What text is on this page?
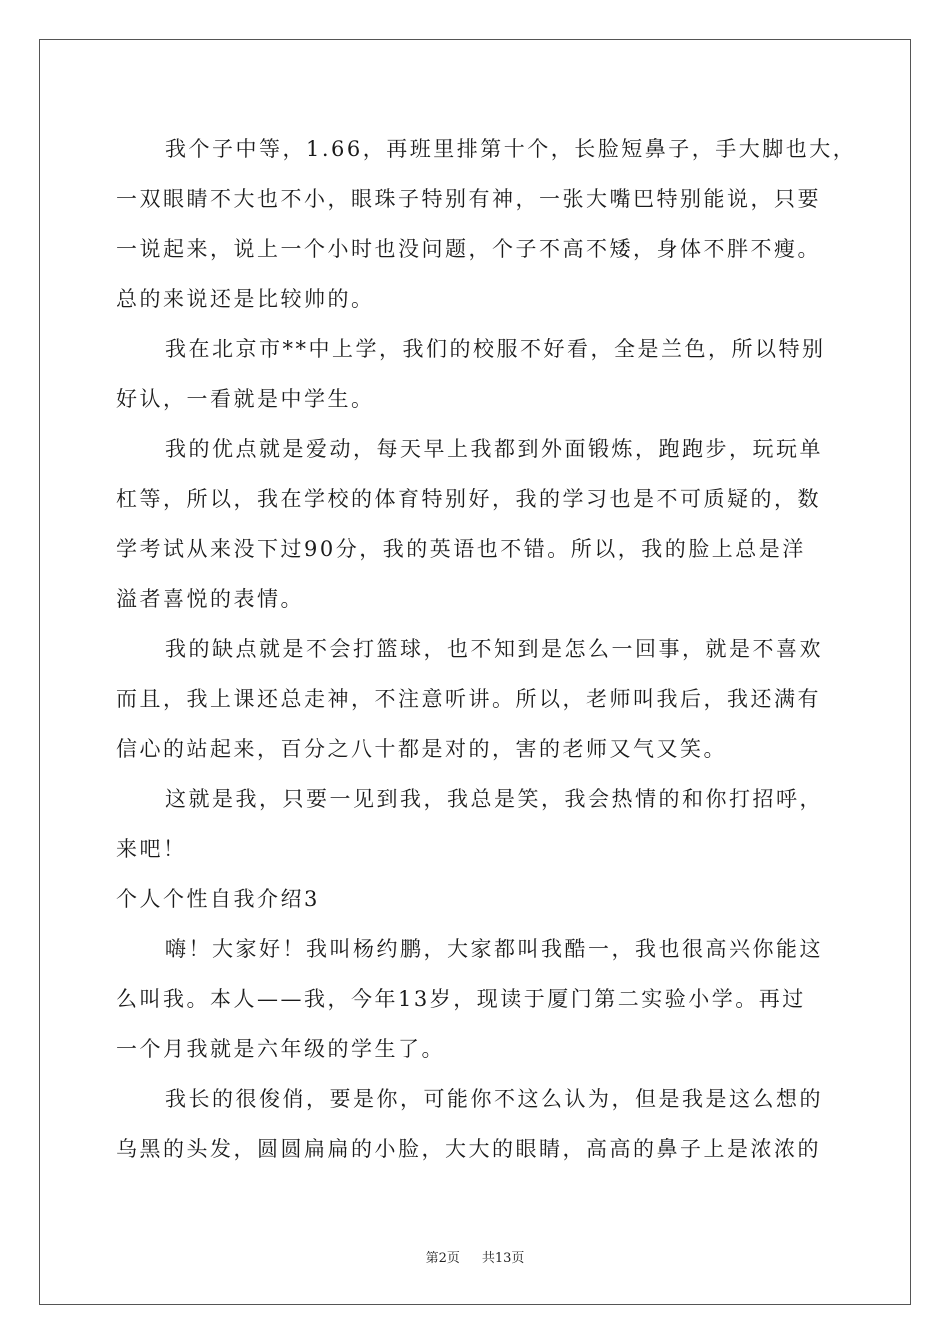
我个子中等，1.66，再班里排第十个，长脸短鼻子，手大脚也大，
一双眼睛不大也不小，眼珠子特别有神，一张大嘴巴特别能说，只要
一说起来，说上一个小时也没问题，个子不高不矮，身体不胖不瘦。
总的来说还是比较帅的。
我在北京市**中上学，我们的校服不好看，全是兰色，所以特别
好认，一看就是中学生。
我的优点就是爱动，每天早上我都到外面锻炼，跑跑步，玩玩单
杠等，所以，我在学校的体育特别好，我的学习也是不可质疑的，数
学考试从来没下过90分，我的英语也不错。所以，我的脸上总是洋
溢者喜悦的表情。
我的缺点就是不会打篮球，也不知到是怎么一回事，就是不喜欢
而且，我上课还总走神，不注意听讲。所以，老师叫我后，我还满有
信心的站起来，百分之八十都是对的，害的老师又气又笑。
这就是我，只要一见到我，我总是笑，我会热情的和你打招呼，
来吧！
个人个性自我介绍3
嗨！大家好！我叫杨约鹏，大家都叫我酷一，我也很高兴你能这
么叫我。本人——我，今年13岁，现读于厦门第二实验小学。再过
一个月我就是六年级的学生了。
我长的很俊俏，要是你，可能你不这么认为，但是我是这么想的
乌黑的头发，圆圆扁扁的小脸，大大的眼睛，高高的鼻子上是浓浓的
第2页 共13页
